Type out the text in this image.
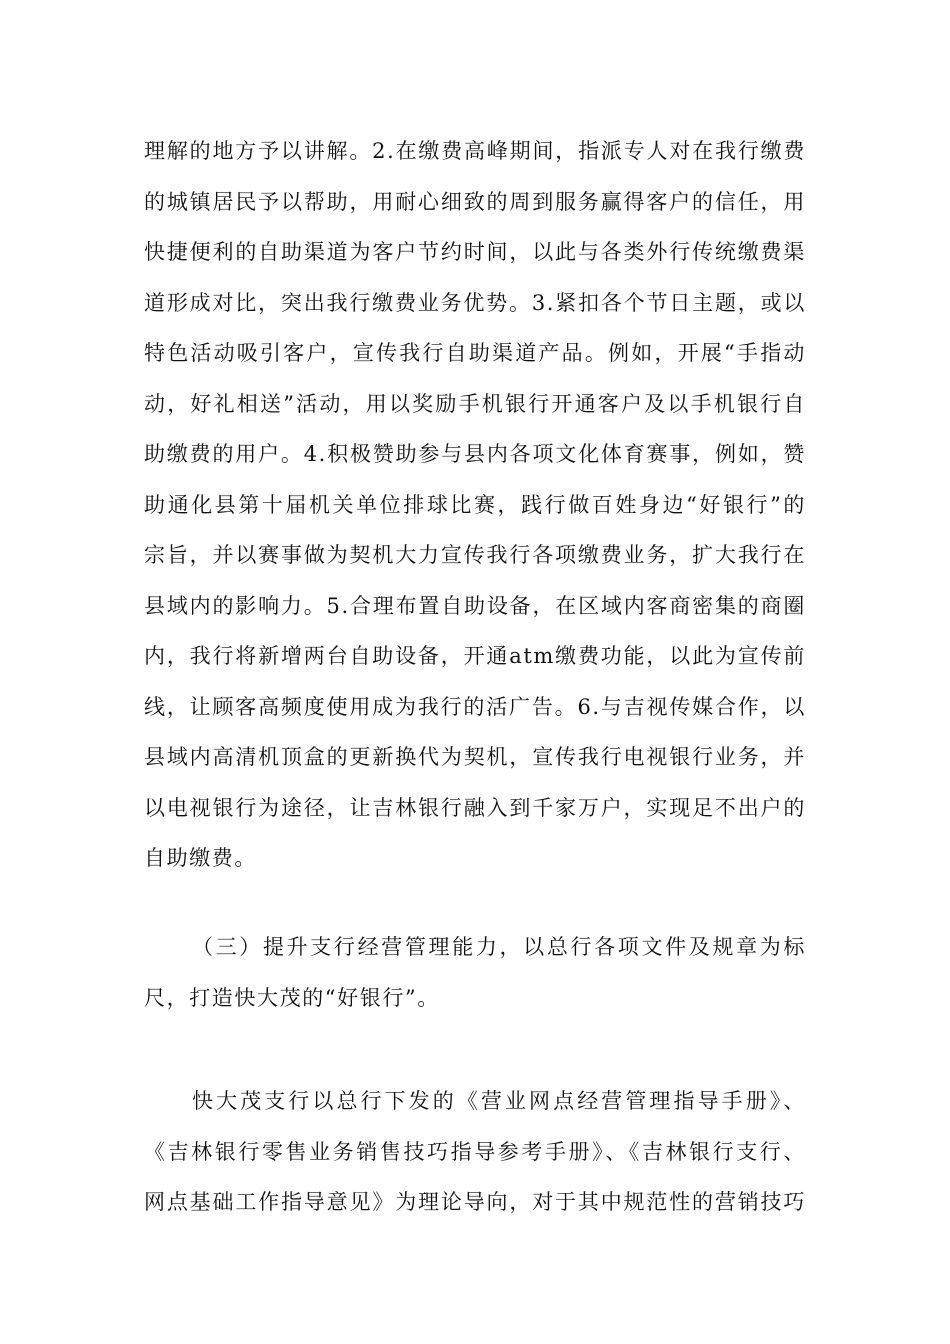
理解的地方予以讲解。2.在缴费高峰期间，指派专人对在我行缴费
的城镇居民予以帮助，用耐心细致的周到服务赢得客户的信任，用
快捷便利的自助渠道为客户节约时间，以此与各类外行传统缴费渠
道形成对比，突出我行缴费业务优势。3.紧扣各个节日主题，或以
特色活动吸引客户，宣传我行自助渠道产品。例如，开展“手指动
动，好礼相送”活动，用以奖励手机银行开通客户及以手机银行自
助缴费的用户。4.积极赞助参与县内各项文化体育赛事，例如，赞
助通化县第十届机关单位排球比赛，践行做百姓身边“好银行”的
宗旨，并以赛事做为契机大力宣传我行各项缴费业务，扩大我行在
县域内的影响力。5.合理布置自助设备，在区域内客商密集的商圈
内，我行将新增两台自助设备，开通atm缴费功能，以此为宣传前
线，让顾客高频度使用成为我行的活广告。6.与吉视传媒合作，以
县域内高清机顶盒的更新换代为契机，宣传我行电视银行业务，并
以电视银行为途径，让吉林银行融入到千家万户，实现足不出户的
自助缴费。
（三）提升支行经营管理能力，以总行各项文件及规章为标
尺，打造快大茂的“好银行”。
快大茂支行以总行下发的《营业网点经营管理指导手册》、
《吉林银行零售业务销售技巧指导参考手册》、《吉林银行支行、
网点基础工作指导意见》为理论导向，对于其中规范性的营销技巧
